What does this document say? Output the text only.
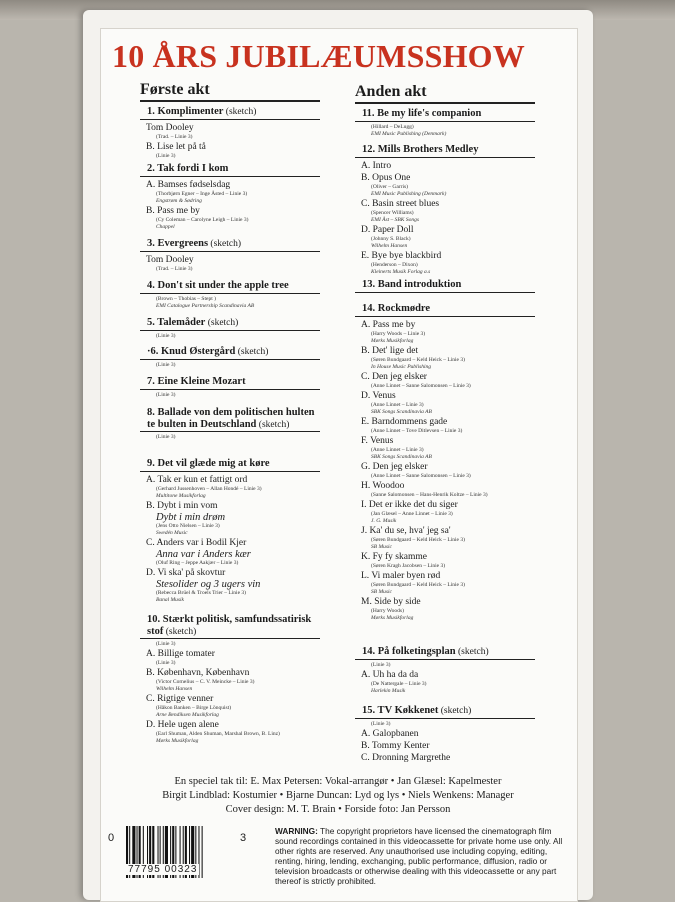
10 ÅRS JUBILÆUMSSHOW
Første akt	Anden akt
1. Komplimenter (sketch)
Tom Dooley
(Trad. – Linie 3)
B. Lise let på tå
(Linie 3)
2. Tak fordi I kom
A. Bamses fødselsdag
(Thorbjørn Egner – Inge Åsted – Linie 3)
Engstrøm & Sødring
B. Pass me by
(Cy Coleman – Carolyne Leigh – Linie 3)
Chappel
3. Evergreens (sketch)
Tom Dooley
(Trad. – Linie 3)
4. Don't sit under the apple tree
(Brown – Thobias – Stept )
EMI Catalogue Partnership Scandinavia AB
5. Talemåder (sketch)
(Linie 3)
·6. Knud Østergård (sketch)
(Linie 3)
7. Eine Kleine Mozart
(Linie 3)
8. Ballade von dem politischen hulten te bulten in Deutschland (sketch)
(Linie 3)
9. Det vil glæde mig at køre
A. Tak er kun et fattigt ord
(Gerhard Jussenhoven – Allan Hondé – Linie 3)
Multitone Musikforlag
B. Dybt i min vom
Dybt i min drøm
(Jens Otto Nielsen – Linie 3)
Swedén Music
C. Anders var i Bodil Kjer
Anna var i Anders kær
(Oluf Ring – Jeppe Aakjær – Linie 3)
D. Vi ska' på skovtur
Stesolider og 3 ugers vin
(Rebecca Brüel & Troels Trier – Linie 3)
Banal Musik
10. Stærkt politisk, samfundssatirisk stof (sketch)
(Linie 3)
A. Billige tomater
(Linie 3)
B. København, København
(Victor Cornelius – C. V. Meincke – Linie 3)
Wilhelm Hansen
C. Rigtige venner
(Håkon Banken – Birge Lönquist)
Arne Bendiksen Musikforlag
D. Hele ugen alene
(Earl Shuman, Alden Shuman, Marshal Brown, B. Linz)
Mørks Musikforlag
11. Be my life's companion
(Hillard – DeLugg)
EMI Music Publishing (Denmark)
12. Mills Brothers Medley
A. Intro
B. Opus One
(Oliver – Garris)
EMI Music Publishing (Denmark)
C. Basin street blues
(Spencer Williams)
EMI Åst – SBK Songs
D. Paper Doll
(Johnny S. Black)
Wilhelm Hansen
E. Bye bye blackbird
(Henderson – Dixon)
Kleinerts Musik Forlag a.s
13. Band introduktion
14. Rockmødre
A. Pass me by
(Harry Woods – Linie 3)
Mørks Musikforlag
B. Det' lige det
(Søren Bundgaard – Keld Heick – Linie 3)
In House Music Publishing
C. Den jeg elsker
(Anne Linnet – Sanne Salomonsen – Linie 3)
D. Venus
(Anne Linnet – Linie 3)
SBK Songs Scandinavia AB
E. Barndommens gade
(Anne Linnet – Tove Ditlevsen – Linie 3)
F. Venus
(Anne Linnet – Linie 3)
SBK Songs Scandinavia AB
G. Den jeg elsker
(Anne Linnet – Sanne Salomonsen – Linie 3)
H. Woodoo
(Sanne Salomonsen – Hans-Henrik Koltze – Linie 3)
I. Det er ikke det du siger
(Jan Glæsel – Anne Linnet – Linie 3)
J. G. Musik
J. Ka' du se, hva' jeg sa'
(Søren Bundgaard – Keld Heick – Linie 3)
SB Music
K. Fy fy skamme
(Søren Kragh Jacobsen – Linie 3)
L. Vi maler byen rød
(Søren Bundgaard – Keld Heick – Linie 3)
SB Music
M. Side by side
(Harry Woods)
Mørks Musikforlag
14. På folketingsplan (sketch)
(Linie 3)
A. Uh ha da da
(De Nattergale – Linie 3)
Harlekin Musik
15. TV Køkkenet (sketch)
(Linie 3)
A. Galopbanen
B. Tommy Kenter
C. Dronning Margrethe
En speciel tak til: E. Max Petersen: Vokal-arrangør • Jan Glæsel: Kapelmester
Birgit Lindblad: Kostumier • Bjarne Duncan: Lyd og lys • Niels Wenkens: Manager
Cover design: M. T. Brain • Forside foto: Jan Persson
0	3
77795 00323
WARNING: The copyright proprietors have licensed the cinematograph film sound recordings contained in this videocassette for private home use only. All other rights are reserved. Any unauthorised use including copying, editing, renting, hiring, lending, exchanging, public performance, diffusion, radio or television broadcasts or otherwise dealing with this videocassette or any part thereof is strictly prohibited.
